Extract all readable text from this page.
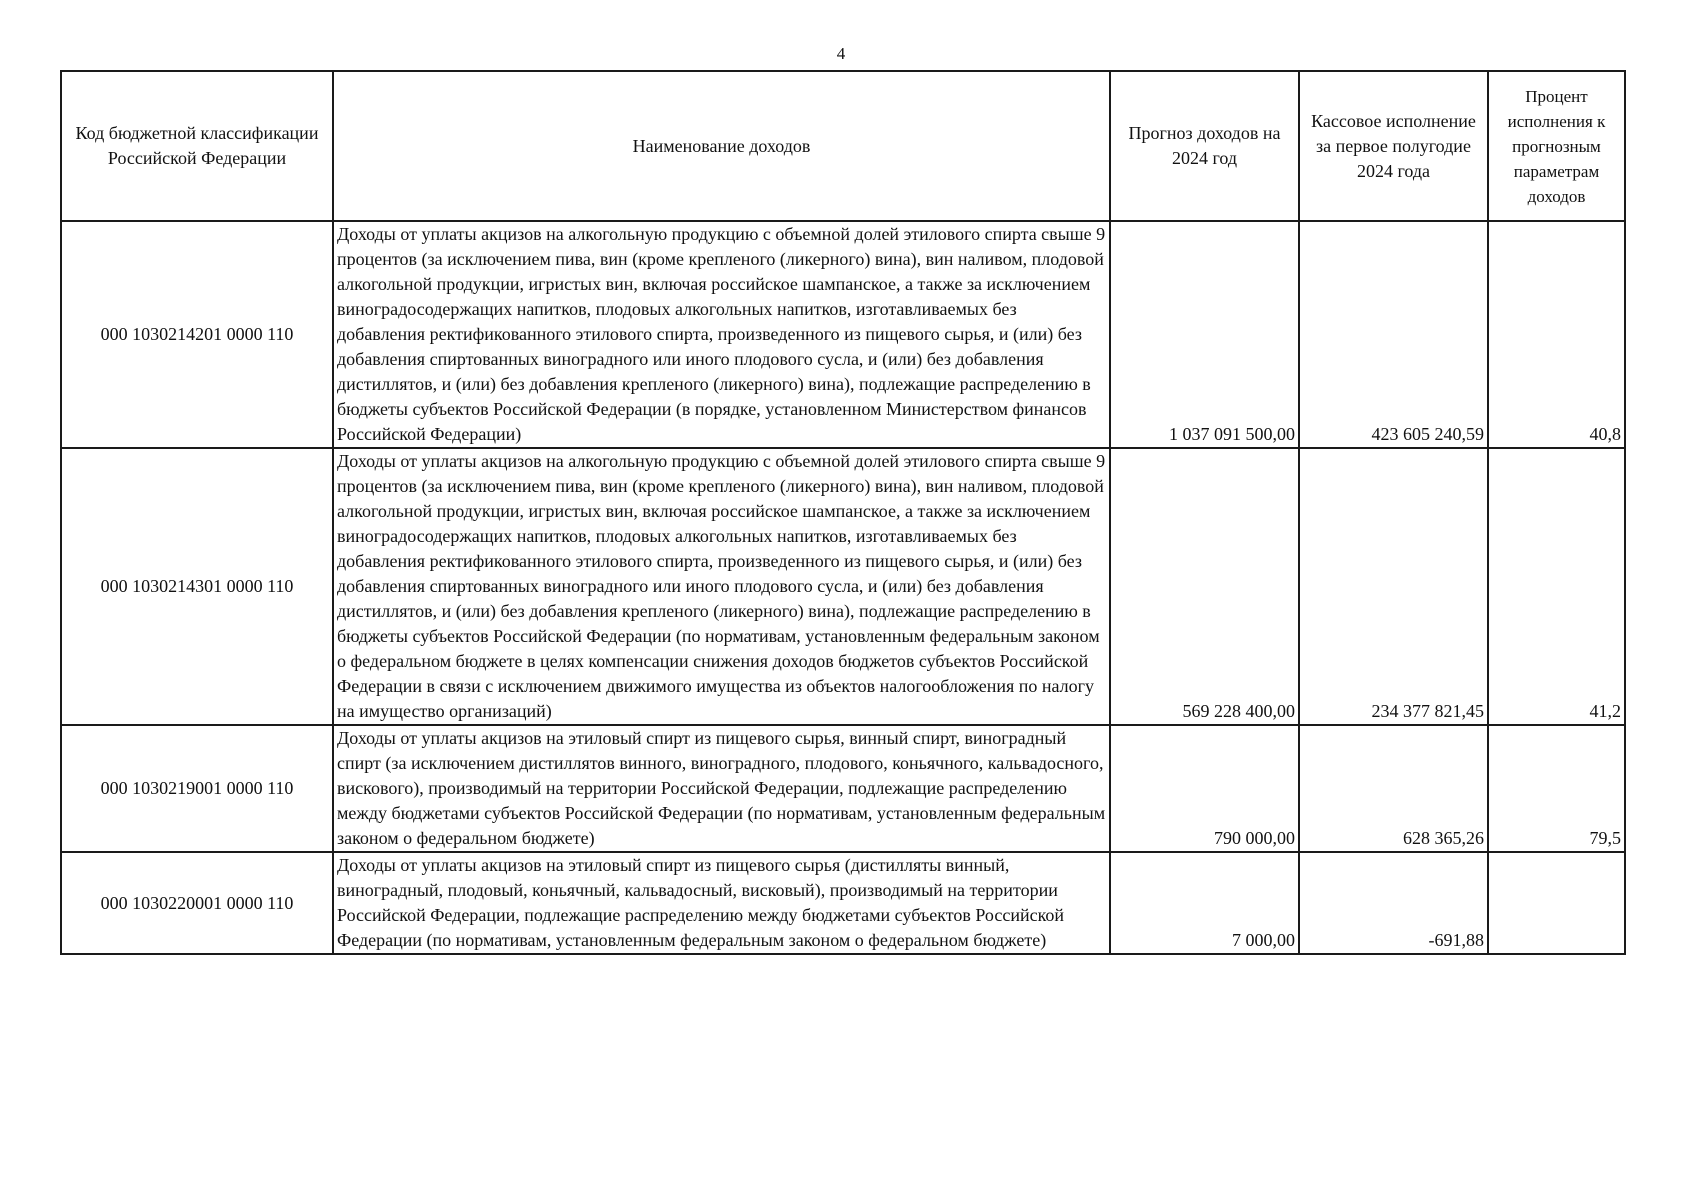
4
Код бюджетной классификации Российской Федерации	Наименование доходов	Прогноз доходов на 2024 год	Кассовое исполнение за первое полугодие 2024 года	Процент исполнения к прогнозным параметрам доходов
000 1030214201 0000 110	Доходы от уплаты акцизов на алкогольную продукцию с объемной долей этилового спирта свыше 9 процентов (за исключением пива, вин (кроме крепленого (ликерного) вина), вин наливом, плодовой алкогольной продукции, игристых вин, включая российское шампанское, а также за исключением виноградосодержащих напитков, плодовых алкогольных напитков, изготавливаемых без добавления ректификованного этилового спирта, произведенного из пищевого сырья, и (или) без добавления спиртованных виноградного или иного плодового сусла, и (или) без добавления дистиллятов, и (или) без добавления крепленого (ликерного) вина), подлежащие распределению в бюджеты субъектов Российской Федерации (в порядке, установленном Министерством финансов Российской Федерации)	1 037 091 500,00	423 605 240,59	40,8
000 1030214301 0000 110	Доходы от уплаты акцизов на алкогольную продукцию с объемной долей этилового спирта свыше 9 процентов (за исключением пива, вин (кроме крепленого (ликерного) вина), вин наливом, плодовой алкогольной продукции, игристых вин, включая российское шампанское, а также за исключением виноградосодержащих напитков, плодовых алкогольных напитков, изготавливаемых без добавления ректификованного этилового спирта, произведенного из пищевого сырья, и (или) без добавления спиртованных виноградного или иного плодового сусла, и (или) без добавления дистиллятов, и (или) без добавления крепленого (ликерного) вина), подлежащие распределению в бюджеты субъектов Российской Федерации (по нормативам, установленным федеральным законом о федеральном бюджете в целях компенсации снижения доходов бюджетов субъектов Российской Федерации в связи с исключением движимого имущества из объектов налогообложения по налогу на имущество организаций)	569 228 400,00	234 377 821,45	41,2
000 1030219001 0000 110	Доходы от уплаты акцизов на этиловый спирт из пищевого сырья, винный спирт, виноградный спирт (за исключением дистиллятов винного, виноградного, плодового, коньячного, кальвадосного, вискового), производимый на территории Российской Федерации, подлежащие распределению между бюджетами субъектов Российской Федерации (по нормативам, установленным федеральным законом о федеральном бюджете)	790 000,00	628 365,26	79,5
000 1030220001 0000 110	Доходы от уплаты акцизов на этиловый спирт из пищевого сырья (дистилляты винный, виноградный, плодовый, коньячный, кальвадосный, висковый), производимый на территории Российской Федерации, подлежащие распределению между бюджетами субъектов Российской Федерации (по нормативам, установленным федеральным законом о федеральном бюджете)	7 000,00	-691,88	
